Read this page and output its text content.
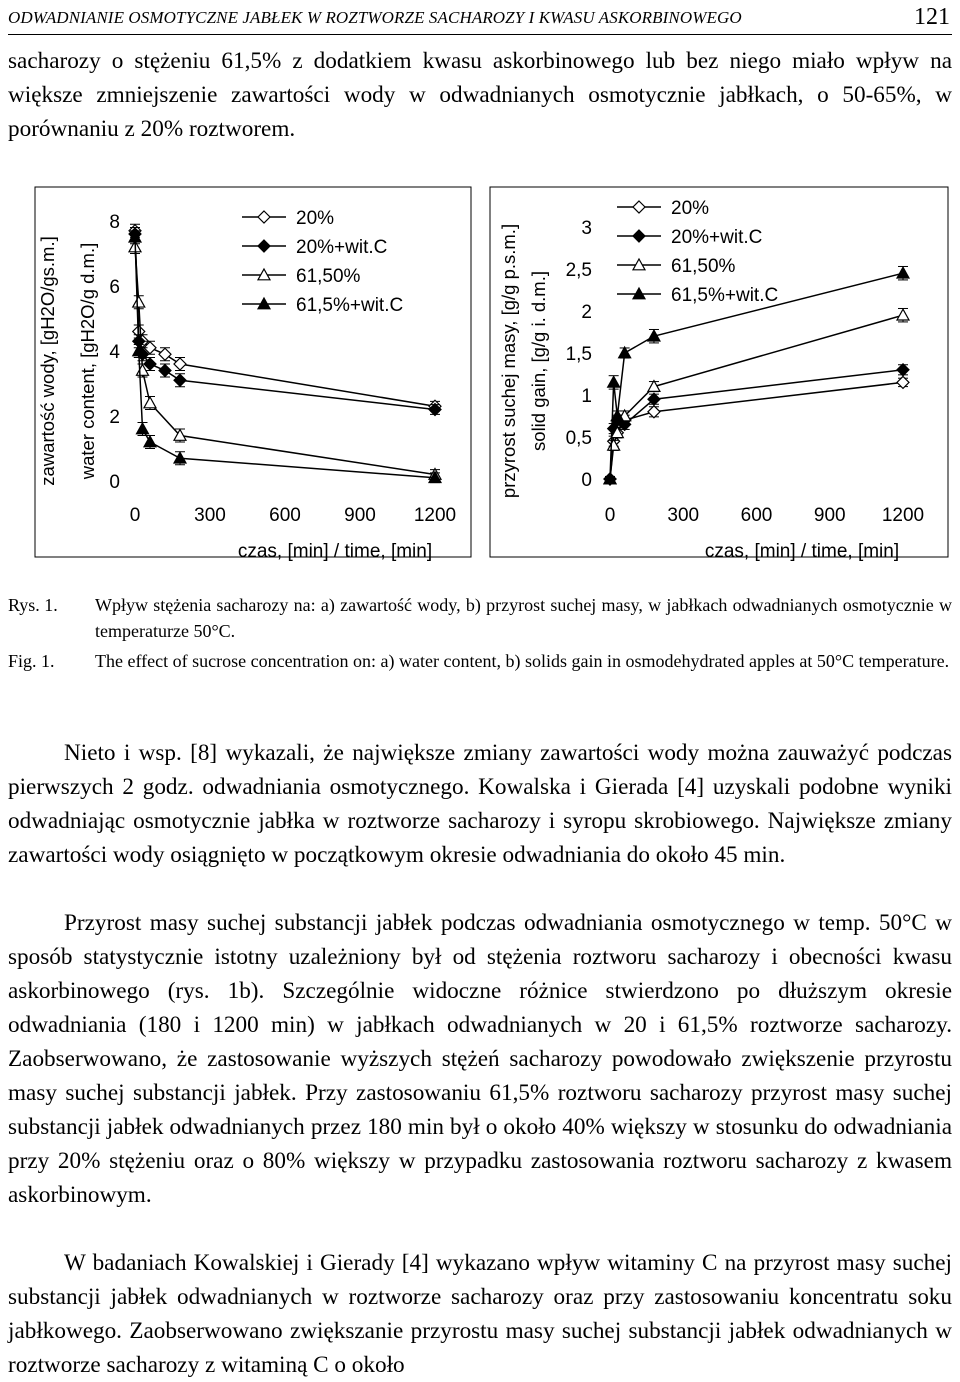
ODWADNIANIE OSMOTYCZNE JABŁEK W ROZTWORZE SACHAROZY I KWASU ASKORBINOWEGO	121
sacharozy o stężeniu 61,5% z dodatkiem kwasu askorbinowego lub bez niego miało wpływ na większe zmniejszenie zawartości wody w odwadnianych osmotycznie jabłkach, o 50-65%, w porównaniu z 20% roztworem.
0
2
4
6
8
0	300 600 900 1200
czas, [min] / time, [min]
zawartość wody, [gH2O/gs.m.] water content, [gH2O/g d.m.]
20%
20%+wit.C
61,50%
61,5%+wit.C
0
0,5
1
1,5
2
2,5
3
0	300 600 900 1200
czas, [min] / time, [min]
przyrost suchej masy, [g/g p.s.m.] solid gain, [g/g i. d.m.]
20%
20%+wit.C
61,50%
61,5%+wit.C
Rys. 1. Wpływ stężenia sacharozy na: a) zawartość wody, b) przyrost suchej masy, w jabłkach odwadnianych osmotycznie w temperaturze 50°C.
Fig. 1. The effect of sucrose concentration on: a) water content, b) solids gain in osmodehydrated apples at 50°C temperature.
Nieto i wsp. [8] wykazali, że największe zmiany zawartości wody można zauważyć podczas pierwszych 2 godz. odwadniania osmotycznego. Kowalska i Gierada [4] uzyskali podobne wyniki odwadniając osmotycznie jabłka w roztworze sacharozy i syropu skrobiowego. Największe zmiany zawartości wody osiągnięto w początkowym okresie odwadniania do około 45 min.
Przyrost masy suchej substancji jabłek podczas odwadniania osmotycznego w temp. 50°C w sposób statystycznie istotny uzależniony był od stężenia roztworu sacharozy i obecności kwasu askorbinowego (rys. 1b). Szczególnie widoczne różnice stwierdzono po dłuższym okresie odwadniania (180 i 1200 min) w jabłkach odwadnianych w 20 i 61,5% roztworze sacharozy. Zaobserwowano, że zastosowanie wyższych stężeń sacharozy powodowało zwiększenie przyrostu masy suchej substancji jabłek. Przy zastosowaniu 61,5% roztworu sacharozy przyrost masy suchej substancji jabłek odwadnianych przez 180 min był o około 40% większy w stosunku do odwadniania przy 20% stężeniu oraz o 80% większy w przypadku zastosowania roztworu sacharozy z kwasem askorbinowym.
W badaniach Kowalskiej i Gierady [4] wykazano wpływ witaminy C na przyrost masy suchej substancji jabłek odwadnianych w roztworze sacharozy oraz przy zastosowaniu koncentratu soku jabłkowego. Zaobserwowano zwiększanie przyrostu masy suchej substancji jabłek odwadnianych w roztworze sacharozy z witaminą C o około
